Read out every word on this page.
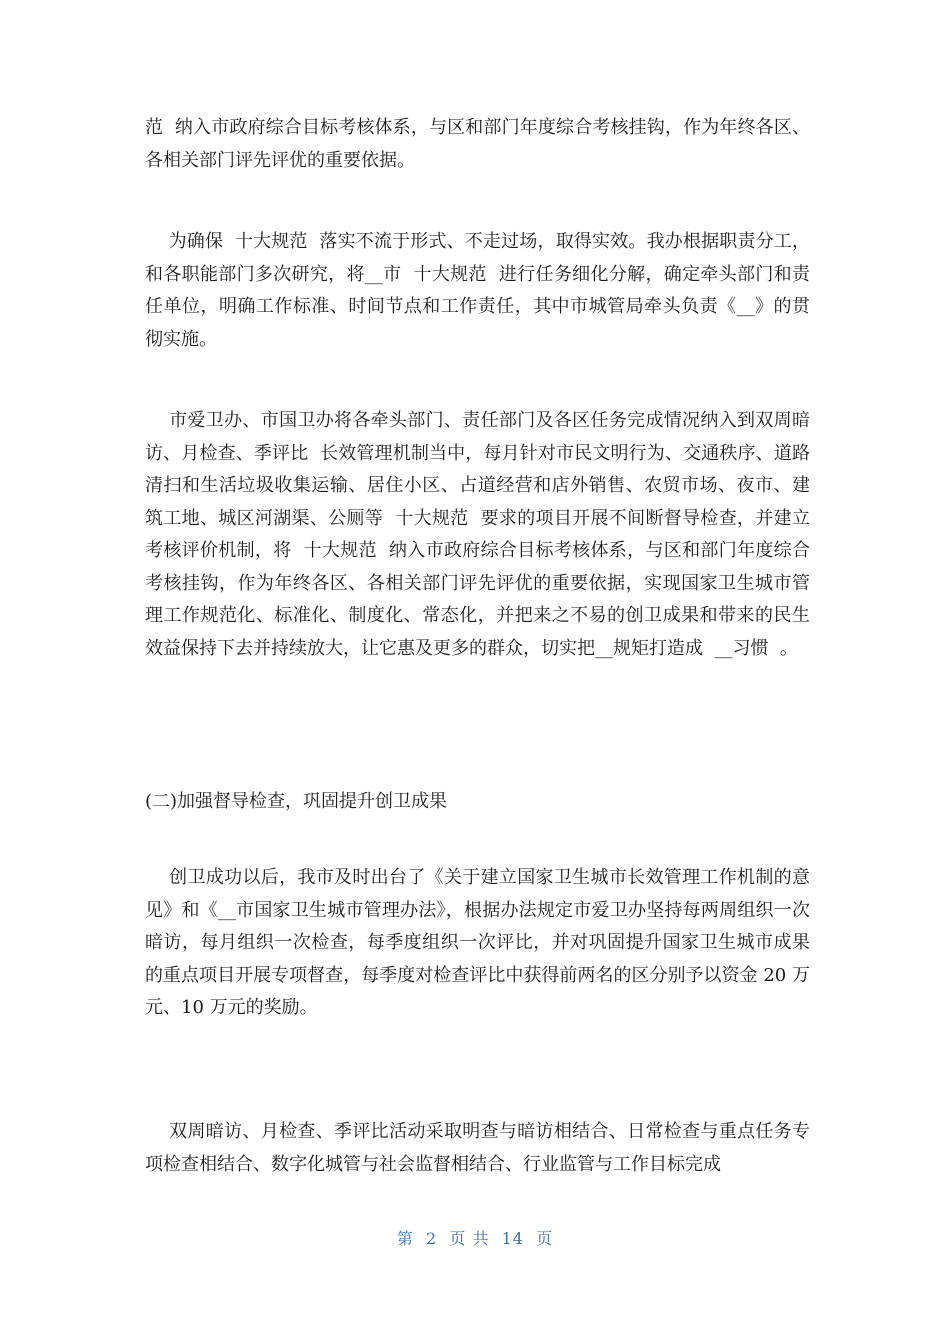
范  纳入市政府综合目标考核体系，与区和部门年度综合考核挂钩，作为年终各区、各相关部门评先评优的重要依据。

为确保  十大规范  落实不流于形式、不走过场，取得实效。我办根据职责分工，和各职能部门多次研究，将__市  十大规范  进行任务细化分解，确定牵头部门和责任单位，明确工作标准、时间节点和工作责任，其中市城管局牵头负责《__》的贯彻实施。

市爱卫办、市国卫办将各牵头部门、责任部门及各区任务完成情况纳入到双周暗访、月检查、季评比  长效管理机制当中，每月针对市民文明行为、交通秩序、道路清扫和生活垃圾收集运输、居住小区、占道经营和店外销售、农贸市场、夜市、建筑工地、城区河湖渠、公厕等  十大规范  要求的项目开展不间断督导检查，并建立考核评价机制，将  十大规范  纳入市政府综合目标考核体系，与区和部门年度综合考核挂钩，作为年终各区、各相关部门评先评优的重要依据，实现国家卫生城市管理工作规范化、标准化、制度化、常态化，并把来之不易的创卫成果和带来的民生效益保持下去并持续放大，让它惠及更多的群众，切实把__规矩打造成  __习惯  。

(二)加强督导检查，巩固提升创卫成果

创卫成功以后，我市及时出台了《关于建立国家卫生城市长效管理工作机制的意见》和《__市国家卫生城市管理办法》，根据办法规定市爱卫办坚持每两周组织一次暗访，每月组织一次检查，每季度组织一次评比，并对巩固提升国家卫生城市成果的重点项目开展专项督查，每季度对检查评比中获得前两名的区分别予以资金 20 万元、10 万元的奖励。

双周暗访、月检查、季评比活动采取明查与暗访相结合、日常检查与重点任务专项检查相结合、数字化城管与社会监督相结合、行业监管与工作目标完成

第  2  页 共  14  页
